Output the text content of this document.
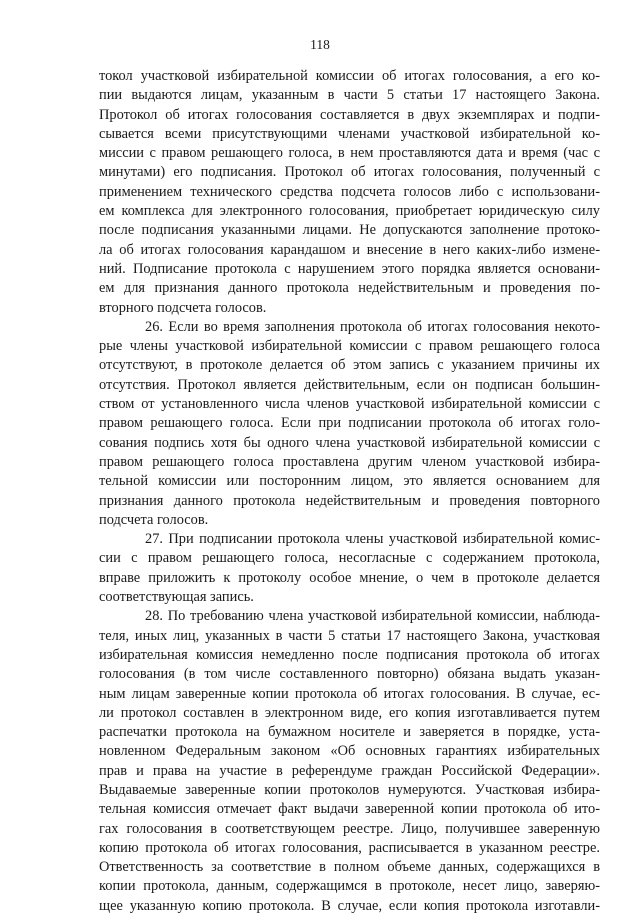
118
токол участковой избирательной комиссии об итогах голосования, а его ко-
пии выдаются лицам, указанным в части 5 статьи 17 настоящего Закона.
Протокол об итогах голосования составляется в двух экземплярах и подпи-
сывается всеми присутствующими членами участковой избирательной ко-
миссии с правом решающего голоса, в нем проставляются дата и время (час с
минутами) его подписания. Протокол об итогах голосования, полученный с
применением технического средства подсчета голосов либо с использовани-
ем комплекса для электронного голосования, приобретает юридическую силу
после подписания указанными лицами. Не допускаются заполнение протоко-
ла об итогах голосования карандашом и внесение в него каких-либо измене-
ний. Подписание протокола с нарушением этого порядка является основани-
ем для признания данного протокола недействительным и проведения по-
вторного подсчета голосов.
26. Если во время заполнения протокола об итогах голосования некото-
рые члены участковой избирательной комиссии с правом решающего голоса
отсутствуют, в протоколе делается об этом запись с указанием причины их
отсутствия. Протокол является действительным, если он подписан большин-
ством от установленного числа членов участковой избирательной комиссии с
правом решающего голоса. Если при подписании протокола об итогах голо-
сования подпись хотя бы одного члена участковой избирательной комиссии с
правом решающего голоса проставлена другим членом участковой избира-
тельной комиссии или посторонним лицом, это является основанием для
признания данного протокола недействительным и проведения повторного
подсчета голосов.
27. При подписании протокола члены участковой избирательной комис-
сии с правом решающего голоса, несогласные с содержанием протокола,
вправе приложить к протоколу особое мнение, о чем в протоколе делается
соответствующая запись.
28. По требованию члена участковой избирательной комиссии, наблюда-
теля, иных лиц, указанных в части 5 статьи 17 настоящего Закона, участковая
избирательная комиссия немедленно после подписания протокола об итогах
голосования (в том числе составленного повторно) обязана выдать указан-
ным лицам заверенные копии протокола об итогах голосования. В случае, ес-
ли протокол составлен в электронном виде, его копия изготавливается путем
распечатки протокола на бумажном носителе и заверяется в порядке, уста-
новленном Федеральным законом «Об основных гарантиях избирательных
прав и права на участие в референдуме граждан Российской Федерации».
Выдаваемые заверенные копии протоколов нумеруются. Участковая избира-
тельная комиссия отмечает факт выдачи заверенной копии протокола об ито-
гах голосования в соответствующем реестре. Лицо, получившее заверенную
копию протокола об итогах голосования, расписывается в указанном реестре.
Ответственность за соответствие в полном объеме данных, содержащихся в
копии протокола, данным, содержащимся в протоколе, несет лицо, заверяю-
щее указанную копию протокола. В случае, если копия протокола изготавли-
